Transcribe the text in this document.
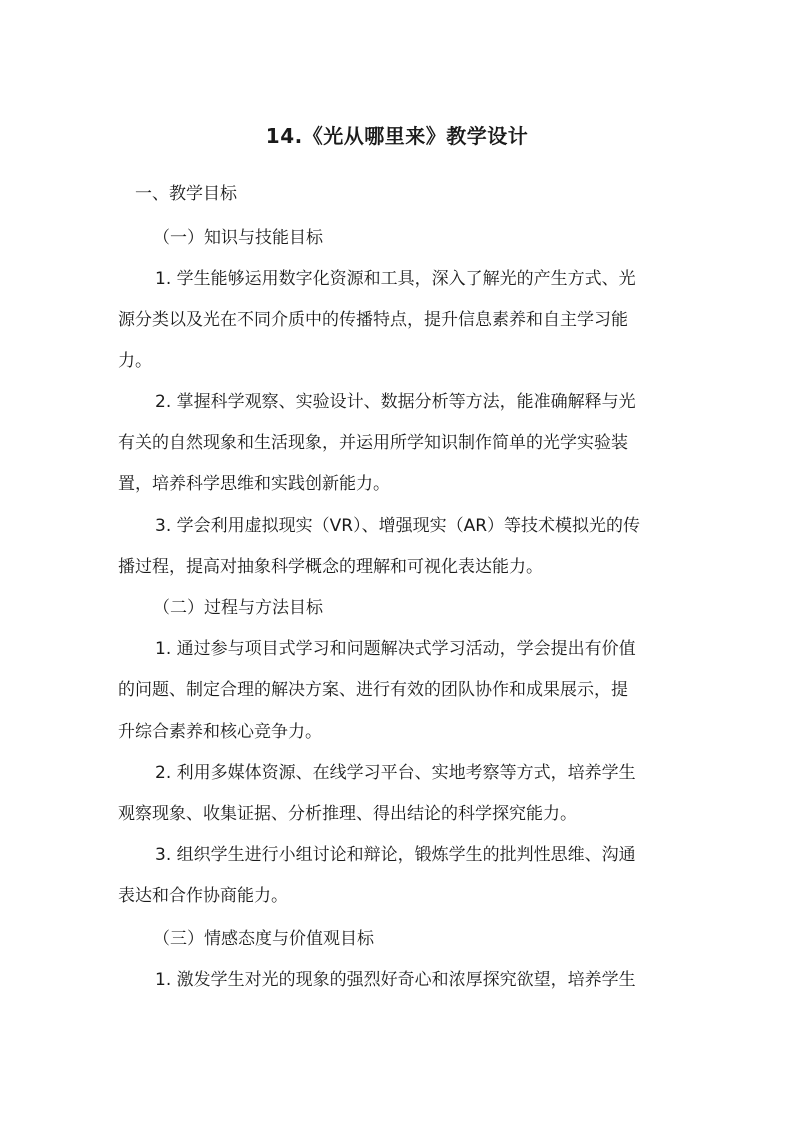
14.《光从哪里来》教学设计
一、教学目标
（一）知识与技能目标
1. 学生能够运用数字化资源和工具，深入了解光的产生方式、光
源分类以及光在不同介质中的传播特点，提升信息素养和自主学习能
力。
2. 掌握科学观察、实验设计、数据分析等方法，能准确解释与光
有关的自然现象和生活现象，并运用所学知识制作简单的光学实验装
置，培养科学思维和实践创新能力。
3. 学会利用虚拟现实（VR）、增强现实（AR）等技术模拟光的传
播过程，提高对抽象科学概念的理解和可视化表达能力。
（二）过程与方法目标
1. 通过参与项目式学习和问题解决式学习活动，学会提出有价值
的问题、制定合理的解决方案、进行有效的团队协作和成果展示，提
升综合素养和核心竞争力。
2. 利用多媒体资源、在线学习平台、实地考察等方式，培养学生
观察现象、收集证据、分析推理、得出结论的科学探究能力。
3. 组织学生进行小组讨论和辩论，锻炼学生的批判性思维、沟通
表达和合作协商能力。
（三）情感态度与价值观目标
1. 激发学生对光的现象的强烈好奇心和浓厚探究欲望，培养学生
